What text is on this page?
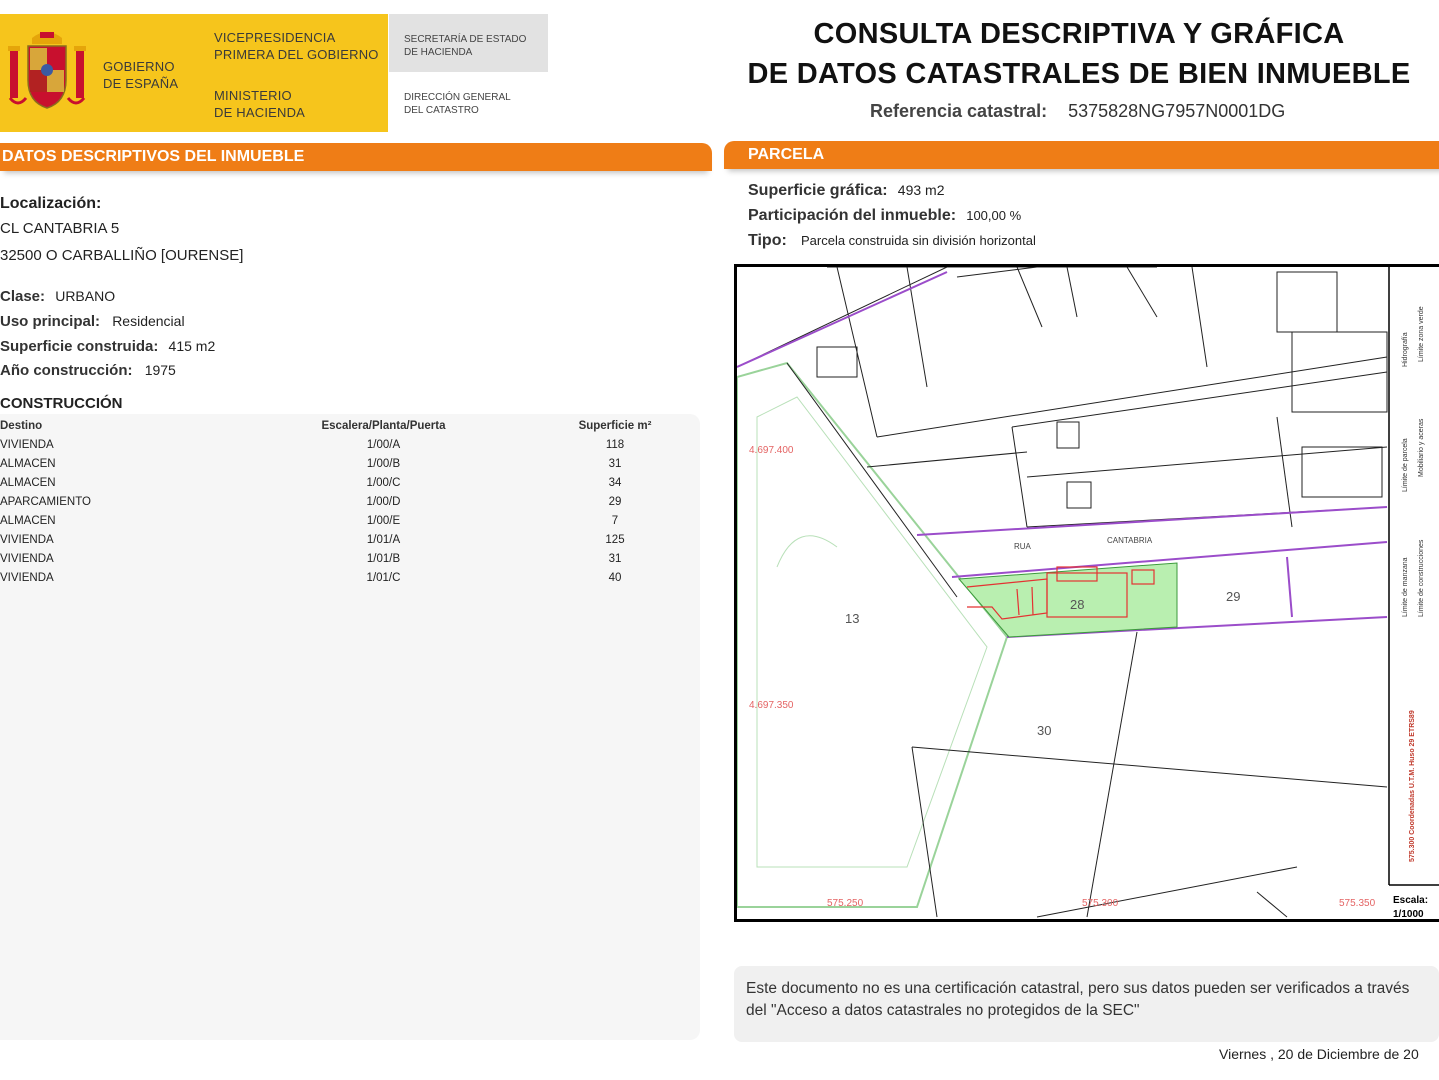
GOBIERNO
DE ESPAÑA
VICEPRESIDENCIA
PRIMERA DEL GOBIERNO
MINISTERIO
DE HACIENDA
SECRETARÍA DE ESTADO
DE HACIENDA
DIRECCIÓN GENERAL
DEL CATASTRO
CONSULTA DESCRIPTIVA Y GRÁFICA
DE DATOS CATASTRALES DE BIEN INMUEBLE
Referencia catastral: 5375828NG7957N0001DG
DATOS DESCRIPTIVOS DEL INMUEBLE
Localización:
CL CANTABRIA 5
32500 O CARBALLIÑO [OURENSE]
Clase: URBANO
Uso principal: Residencial
Superficie construida: 415 m2
Año construcción: 1975
CONSTRUCCIÓN
Destino	Escalera/Planta/Puerta	Superficie m²
VIVIENDA	1/00/A	118
ALMACEN	1/00/B	31
ALMACEN	1/00/C	34
APARCAMIENTO	1/00/D	29
ALMACEN	1/00/E	7
VIVIENDA	1/01/A	125
VIVIENDA	1/01/B	31
VIVIENDA	1/01/C	40
PARCELA
Superficie gráfica: 493 m2
Participación del inmueble: 100,00 %
Tipo: Parcela construida sin división horizontal
4.697.400
4.697.350
575.250	575.300	575.350
13
28
29
30
RUA
CANTABRIA
Límite de manzana
Límite de parcela
Hidrografía
Límite de construcciones
Mobiliario y aceras
Límite zona verde
575.300 Coordenadas U.T.M. Huso 29 ETRS89
Escala:
1/1000
Este documento no es una certificación catastral, pero sus datos pueden ser verificados a través del "Acceso a datos catastrales no protegidos de la SEC"
Viernes , 20 de Diciembre de 20
